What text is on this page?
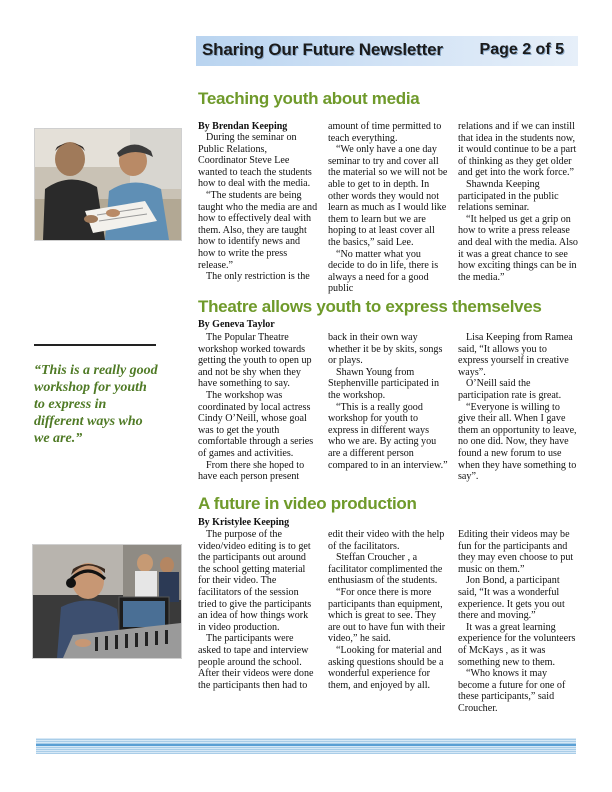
Sharing Our Future Newsletter Page 2 of 5
Teaching youth about media
By Brendan Keeping

During the seminar on Public Relations, Coordinator Steve Lee wanted to teach the students how to deal with the media.

“The students are being taught who the media are and how to effectively deal with them. Also, they are taught how to identify news and how to write the press release.”

The only restriction is the

amount of time permitted to teach everything.

“We only have a one day seminar to try and cover all the material so we will not be able to get to in depth. In other words they would not learn as much as I would like them to learn but we are hoping to at least cover all the basics,” said Lee.

“No matter what you decide to do in life, there is always a need for a good public

relations and if we can instill that idea in the students now, it would continue to be a part of thinking as they get older and get into the work force.”

Shawnda Keeping participated in the public relations seminar.

“It helped us get a grip on how to write a press release and deal with the media. Also it was a great chance to see how exciting things can be in the media.”

Theatre allows youth to express themselves
By Geneva Taylor
“This is a really good workshop for youth to express in different ways who we are.”

The Popular Theatre workshop worked towards getting the youth to open up and not be shy when they have something to say.

The workshop was coordinated by local actress Cindy O’Neill, whose goal was to get the youth comfortable through a series of games and activities.

From there she hoped to have each person present

back in their own way whether it be by skits, songs or plays.

Shawn Young from Stephenville participated in the workshop.

“This is a really good workshop for youth to express in different ways who we are. By acting you are a different person compared to in an interview.”

Lisa Keeping from Ramea said, “It allows you to express yourself in creative ways”.

O’Neill said the participation rate is great.

“Everyone is willing to give their all. When I gave them an opportunity to leave, no one did. Now, they have found a new forum to use when they have something to say”.

A future in video production
By Kristylee Keeping

The purpose of the video/video editing is to get the participants out around the school getting material for their video. The facilitators of the session tried to give the participants an idea of how things work in video production.

The participants were asked to tape and interview people around the school. After their videos were done the participants then had to

edit their video with the help of the facilitators.

Steffan Croucher , a facilitator complimented the enthusiasm of the students.

“For once there is more participants than equipment, which is great to see. They are out to have fun with their video,” he said.

“Looking for material and asking questions should be a wonderful experience for them, and enjoyed by all.

Editing their videos may be fun for the participants and they may even choose to put music on them.”

Jon Bond, a participant said, “It was a wonderful experience. It gets you out there and moving.”

It was a great learning experience for the volunteers of McKays , as it was something new to them.

“Who knows it may become a future for one of these participants,” said Croucher.
